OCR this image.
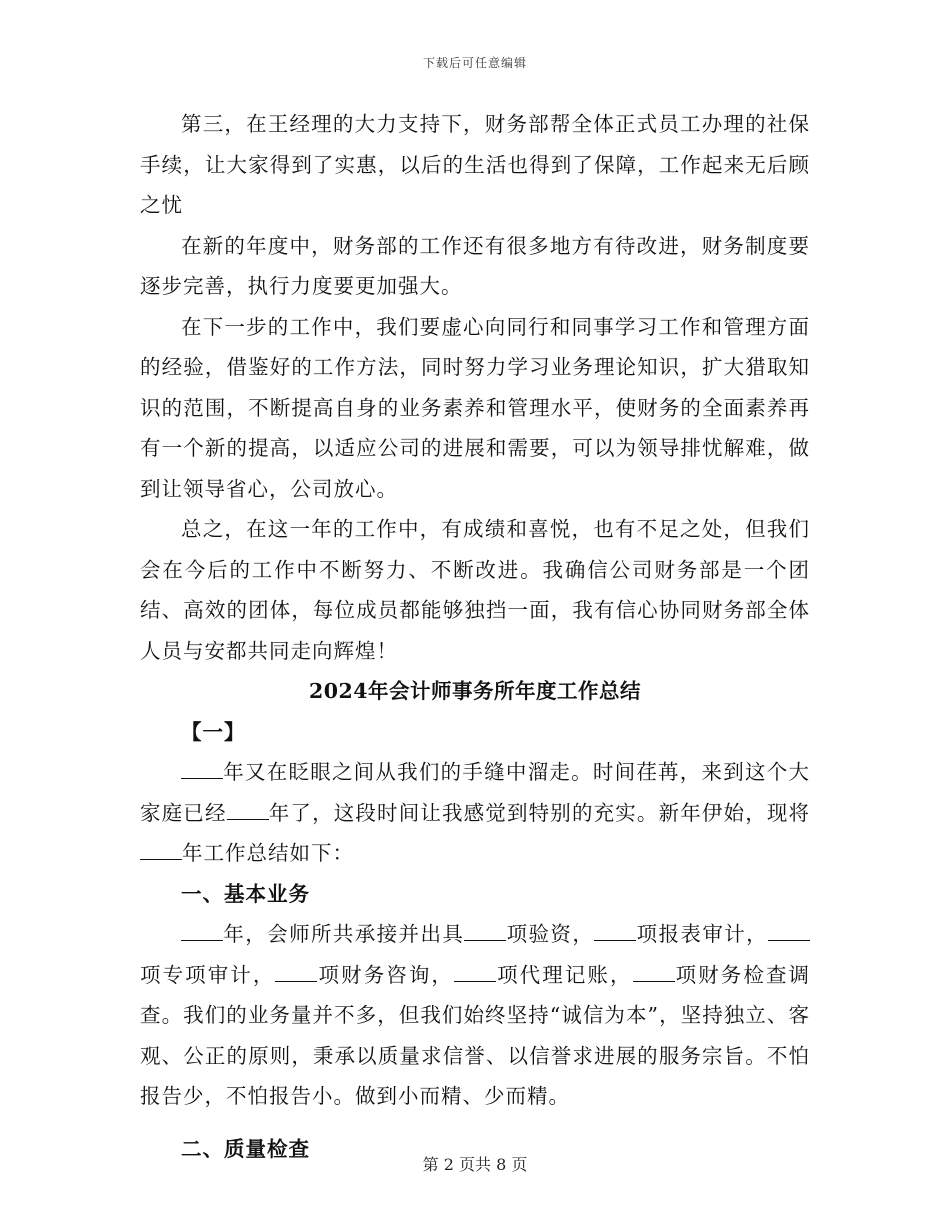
下载后可任意编辑

第三，在王经理的大力支持下，财务部帮全体正式员工办理的社保手续，让大家得到了实惠，以后的生活也得到了保障，工作起来无后顾之忧

在新的年度中，财务部的工作还有很多地方有待改进，财务制度要逐步完善，执行力度要更加强大。

在下一步的工作中，我们要虚心向同行和同事学习工作和管理方面的经验，借鉴好的工作方法，同时努力学习业务理论知识，扩大猎取知识的范围，不断提高自身的业务素养和管理水平，使财务的全面素养再有一个新的提高，以适应公司的进展和需要，可以为领导排忧解难，做到让领导省心，公司放心。

总之，在这一年的工作中，有成绩和喜悦，也有不足之处，但我们会在今后的工作中不断努力、不断改进。我确信公司财务部是一个团结、高效的团体，每位成员都能够独挡一面，我有信心协同财务部全体人员与安都共同走向辉煌！

2024年会计师事务所年度工作总结

【一】

年又在眨眼之间从我们的手缝中溜走。时间荏苒，来到这个大家庭已经 年了，这段时间让我感觉到特别的充实。新年伊始，现将年工作总结如下：

一、基本业务

年，会师所共承接并出具 项验资， 项报表审计，项专项审计， 项财务咨询， 项代理记账， 项财务检查调查。我们的业务量并不多，但我们始终坚持“诚信为本”，坚持独立、客观、公正的原则，秉承以质量求信誉、以信誉求进展的服务宗旨。不怕报告少，不怕报告小。做到小而精、少而精。

二、质量检查

第 2 页共 8 页
